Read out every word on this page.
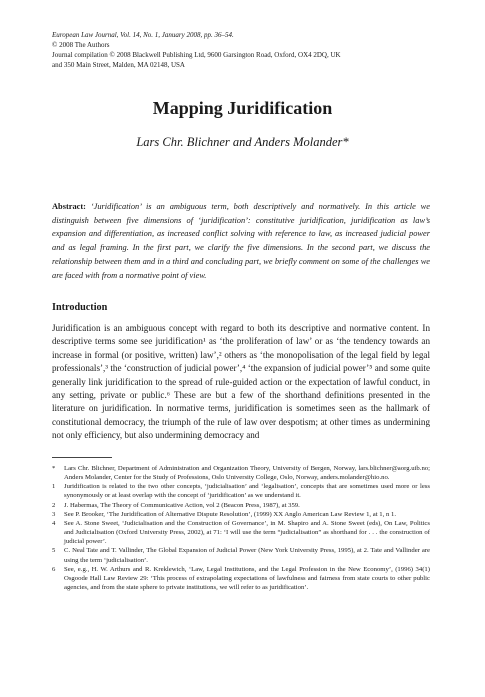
European Law Journal, Vol. 14, No. 1, January 2008, pp. 36–54.
© 2008 The Authors
Journal compilation © 2008 Blackwell Publishing Ltd, 9600 Garsington Road, Oxford, OX4 2DQ, UK
and 350 Main Street, Malden, MA 02148, USA
Mapping Juridification
Lars Chr. Blichner and Anders Molander*
Abstract: ‘Juridification’ is an ambiguous term, both descriptively and normatively. In this article we distinguish between five dimensions of ‘juridification’: constitutive juridification, juridification as law’s expansion and differentiation, as increased conflict solving with reference to law, as increased judicial power and as legal framing. In the first part, we clarify the five dimensions. In the second part, we discuss the relationship between them and in a third and concluding part, we briefly comment on some of the challenges we are faced with from a normative point of view.
Introduction
Juridification is an ambiguous concept with regard to both its descriptive and normative content. In descriptive terms some see juridification¹ as ‘the proliferation of law’ or as ‘the tendency towards an increase in formal (or positive, written) law’,² others as ‘the monopolisation of the legal field by legal professionals’,³ the ‘construction of judicial power’,⁴ ‘the expansion of judicial power’⁵ and some quite generally link juridification to the spread of rule-guided action or the expectation of lawful conduct, in any setting, private or public.⁶ These are but a few of the shorthand definitions presented in the literature on juridification. In normative terms, juridification is sometimes seen as the hallmark of constitutional democracy, the triumph of the rule of law over despotism; at other times as undermining not only efficiency, but also undermining democracy and
*	Lars Chr. Blichner, Department of Administration and Organization Theory, University of Bergen, Norway, lars.blichner@aorg.uib.no; Anders Molander, Center for the Study of Professions, Oslo University College, Oslo, Norway, anders.molander@hio.no.
1	Juridification is related to the two other concepts, ‘judicialisation’ and ‘legalisation’, concepts that are sometimes used more or less synonymously or at least overlap with the concept of ‘juridification’ as we understand it.
2	J. Habermas, The Theory of Communicative Action, vol 2 (Beacon Press, 1987), at 359.
3	See P. Brooker, ‘The Juridification of Alternative Dispute Resolution’, (1999) XX Anglo American Law Review 1, at 1, n 1.
4	See A. Stone Sweet, ‘Judicialisation and the Construction of Governance’, in M. Shapiro and A. Stone Sweet (eds), On Law, Politics and Judicialisation (Oxford University Press, 2002), at 71: ‘I will use the term “judicialisation” as shorthand for . . . the construction of judicial power’.
5	C. Neal Tate and T. Vallinder, The Global Expansion of Judicial Power (New York University Press, 1995), at 2. Tate and Vallinder are using the term ‘judicialisation’.
6	See, e.g., H. W. Arthurs and R. Kreklewich, ‘Law, Legal Institutions, and the Legal Profession in the New Economy’, (1996) 34(1) Osgoode Hall Law Review 29: ‘This process of extrapolating expectations of lawfulness and fairness from state courts to other public agencies, and from the state sphere to private institutions, we will refer to as juridification’.
